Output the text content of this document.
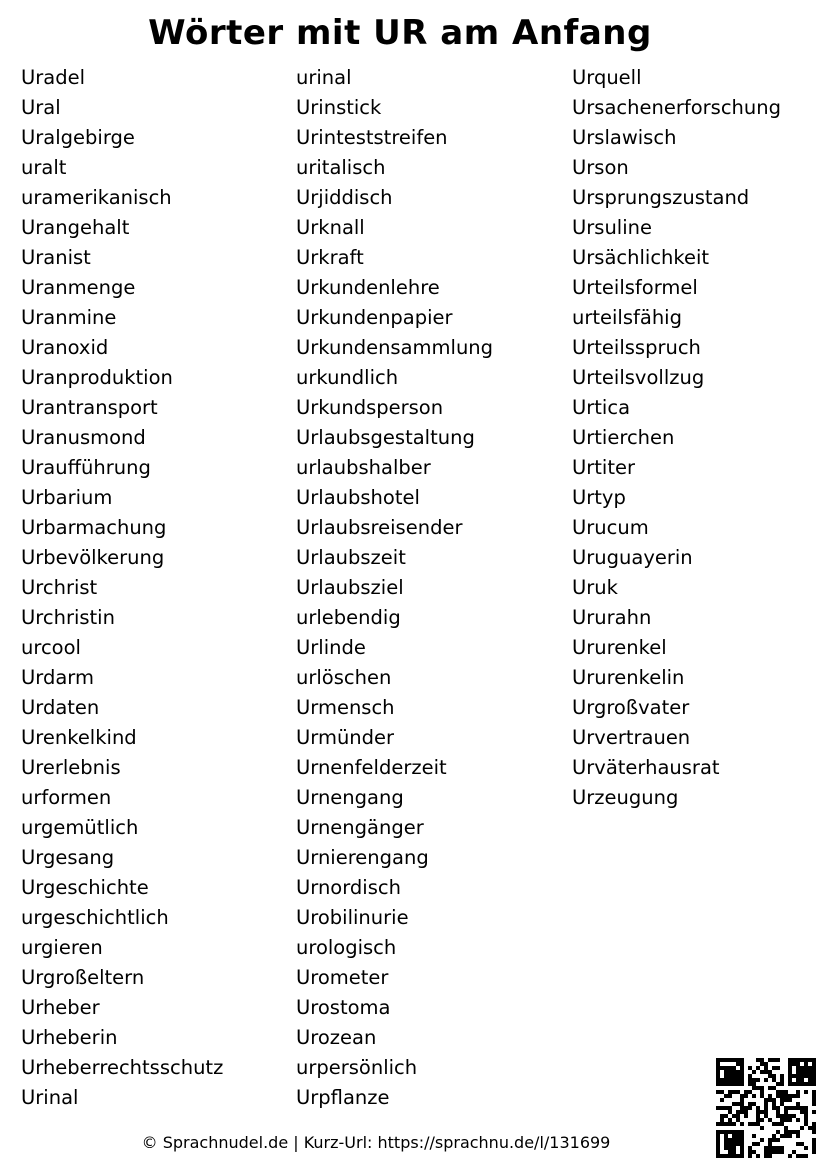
Wörter mit UR am Anfang
Uradel
Ural
Uralgebirge
uralt
uramerikanisch
Urangehalt
Uranist
Uranmenge
Uranmine
Uranoxid
Uranproduktion
Urantransport
Uranusmond
Uraufführung
Urbarium
Urbarmachung
Urbevölkerung
Urchrist
Urchristin
urcool
Urdarm
Urdaten
Urenkelkind
Urerlebnis
urformen
urgemütlich
Urgesang
Urgeschichte
urgeschichtlich
urgieren
Urgroßeltern
Urheber
Urheberin
Urheberrechtsschutz
Urinal
urinal
Urinstick
Urinteststreifen
uritalisch
Urjiddisch
Urknall
Urkraft
Urkundenlehre
Urkundenpapier
Urkundensammlung
urkundlich
Urkundsperson
Urlaubsgestaltung
urlaubshalber
Urlaubshotel
Urlaubsreisender
Urlaubszeit
Urlaubsziel
urlebendig
Urlinde
urlöschen
Urmensch
Urmünder
Urnenfelderzeit
Urnengang
Urnengänger
Urnierengang
Urnordisch
Urobilinurie
urologisch
Urometer
Urostoma
Urozean
urpersönlich
Urpflanze
Urquell
Ursachenerforschung
Urslawisch
Urson
Ursprungszustand
Ursuline
Ursächlichkeit
Urteilsformel
urteilsfähig
Urteilsspruch
Urteilsvollzug
Urtica
Urtierchen
Urtiter
Urtyp
Urucum
Uruguayerin
Uruk
Ururahn
Ururenkel
Ururenkelin
Urgroßvater
Urvertrauen
Urväterhausrat
Urzeugung
© Sprachnudel.de | Kurz-Url: https://sprachnu.de/l/131699
